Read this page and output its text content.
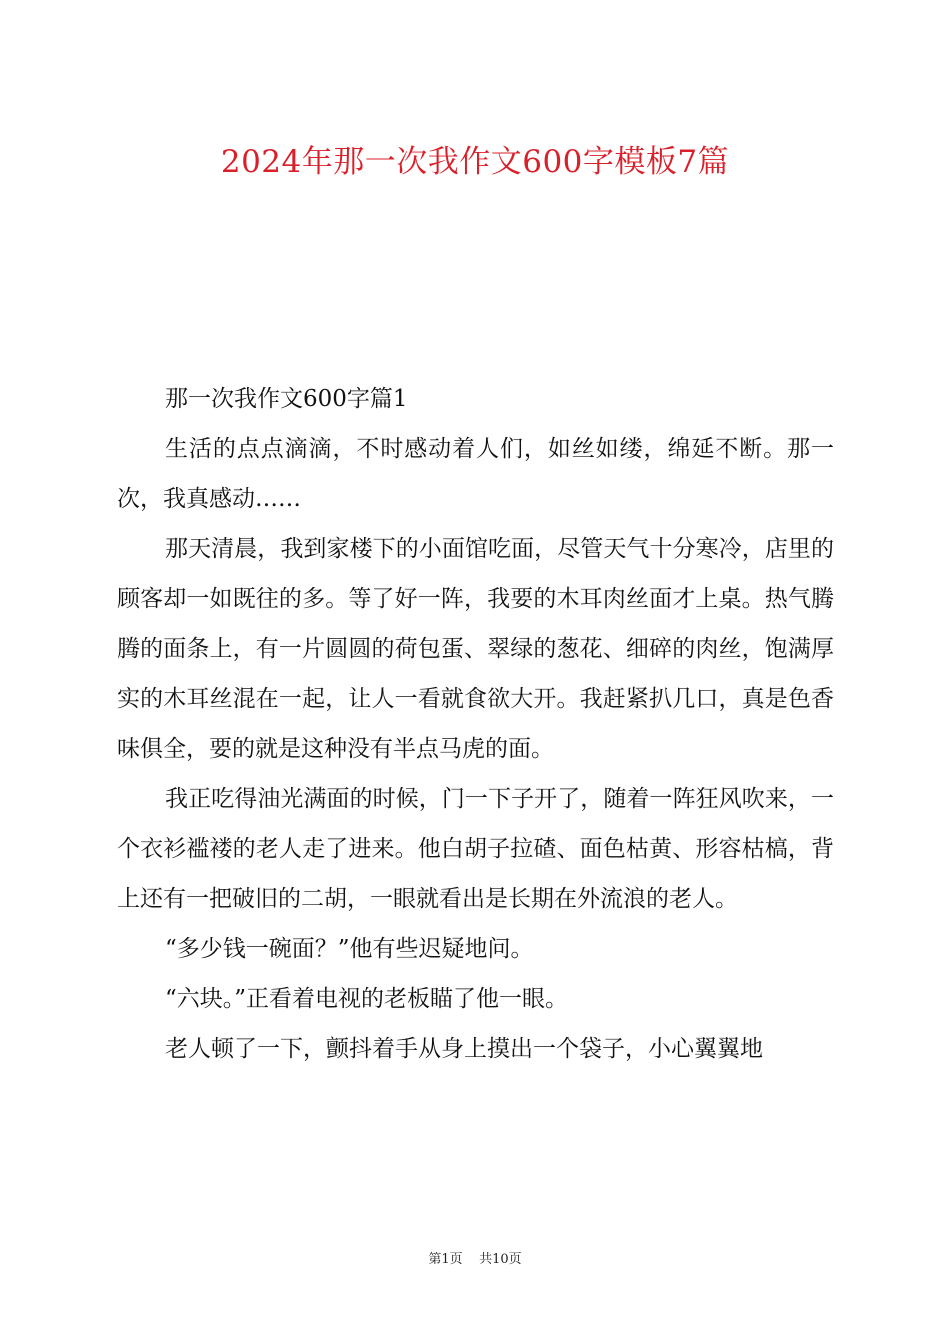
2024年那一次我作文600字模板7篇

那一次我作文600字篇1

生活的点点滴滴，不时感动着人们，如丝如缕，绵延不断。那一次，我真感动……

那天清晨，我到家楼下的小面馆吃面，尽管天气十分寒冷，店里的顾客却一如既往的多。等了好一阵，我要的木耳肉丝面才上桌。热气腾腾的面条上，有一片圆圆的荷包蛋、翠绿的葱花、细碎的肉丝，饱满厚实的木耳丝混在一起，让人一看就食欲大开。我赶紧扒几口，真是色香味俱全，要的就是这种没有半点马虎的面。

我正吃得油光满面的时候，门一下子开了，随着一阵狂风吹来，一个衣衫褴褛的老人走了进来。他白胡子拉碴、面色枯黄、形容枯槁，背上还有一把破旧的二胡，一眼就看出是长期在外流浪的老人。

“多少钱一碗面？”他有些迟疑地问。

“六块。”正看着电视的老板瞄了他一眼。

老人顿了一下，颤抖着手从身上摸出一个袋子，小心翼翼地

第1页    共10页
